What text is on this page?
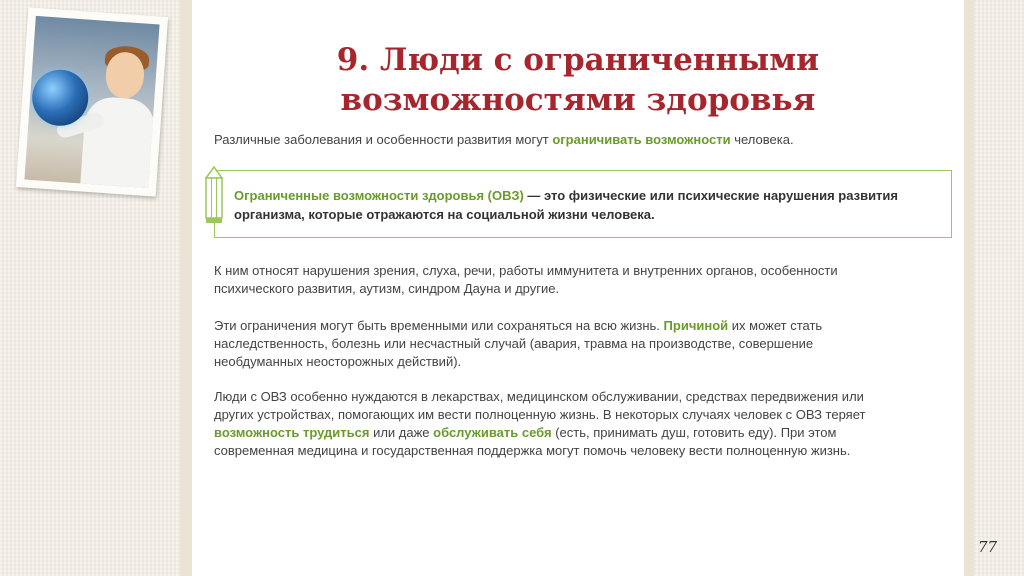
9. Люди с ограниченными
возможностями здоровья

Различные заболевания и особенности развития могут ограничивать возможности человека.

Ограниченные возможности здоровья (ОВЗ) — это физические или психические нарушения развития организма, которые отражаются на социальной жизни человека.

К ним относят нарушения зрения, слуха, речи, работы иммунитета и внутренних органов, особенности психического развития, аутизм, синдром Дауна и другие.

Эти ограничения могут быть временными или сохраняться на всю жизнь. Причиной их может стать наследственность, болезнь или несчастный случай (авария, травма на производстве, совершение необдуманных неосторожных действий).

Люди с ОВЗ особенно нуждаются в лекарствах, медицинском обслуживании, средствах передвижения или других устройствах, помогающих им вести полноценную жизнь. В некоторых случаях человек с ОВЗ теряет возможность трудиться или даже обслуживать себя (есть, принимать душ, готовить еду). При этом современная медицина и государственная поддержка могут помочь человеку вести полноценную жизнь.

77
